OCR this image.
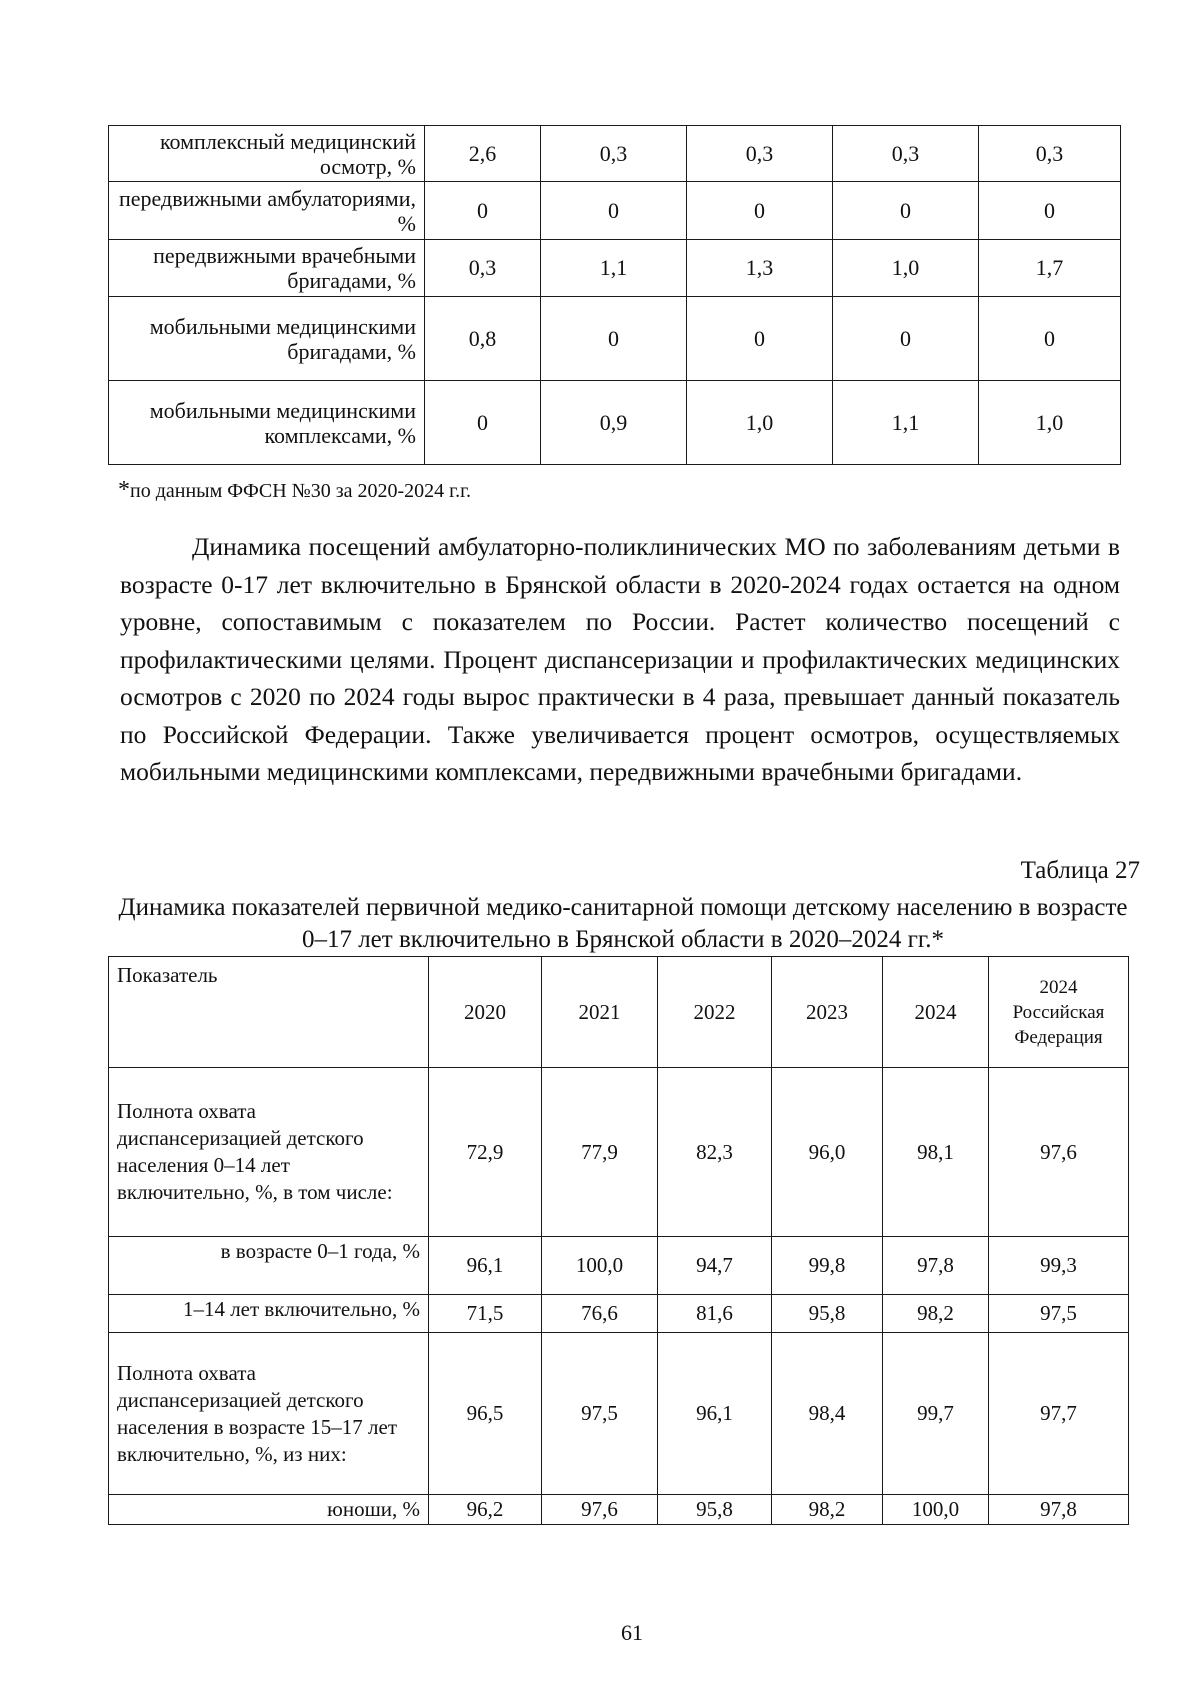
комплексный медицинский осмотр, %	2,6	0,3	0,3	0,3	0,3
передвижными амбулаториями, %	0	0	0	0	0
передвижными врачебными бригадами, %	0,3	1,1	1,3	1,0	1,7
мобильными медицинскими бригадами, %	0,8	0	0	0	0
мобильными медицинскими комплексами, %	0	0,9	1,0	1,1	1,0
*по данным ФФСН №30 за 2020-2024 г.г.

Динамика посещений амбулаторно-поликлинических МО по заболеваниям детьми в возрасте 0-17 лет включительно в Брянской области в 2020-2024 годах остается на одном уровне, сопоставимым с показателем по России. Растет количество посещений с профилактическими целями. Процент диспансеризации и профилактических медицинских осмотров с 2020 по 2024 годы вырос практически в 4 раза, превышает данный показатель по Российской Федерации. Также увеличивается процент осмотров, осуществляемых мобильными медицинскими комплексами, передвижными врачебными бригадами.

Таблица 27

Динамика показателей первичной медико-санитарной помощи детскому населению в возрасте 0–17 лет включительно в Брянской области в 2020–2024 гг.*

Показатель	2020	2021	2022	2023	2024	2024
Российская
Федерация

Полнота охвата диспансеризацией детского населения 0–14 лет включительно, %, в том числе:	72,9	77,9	82,3	96,0	98,1	97,6
в возрасте 0–1 года, %	96,1	100,0	94,7	99,8	97,8	99,3
1–14 лет включительно, %	71,5	76,6	81,6	95,8	98,2	97,5
Полнота охвата диспансеризацией детского населения в возрасте 15–17 лет включительно, %, из них:	96,5	97,5	96,1	98,4	99,7	97,7
юноши, %	96,2	97,6	95,8	98,2	100,0	97,8
61
